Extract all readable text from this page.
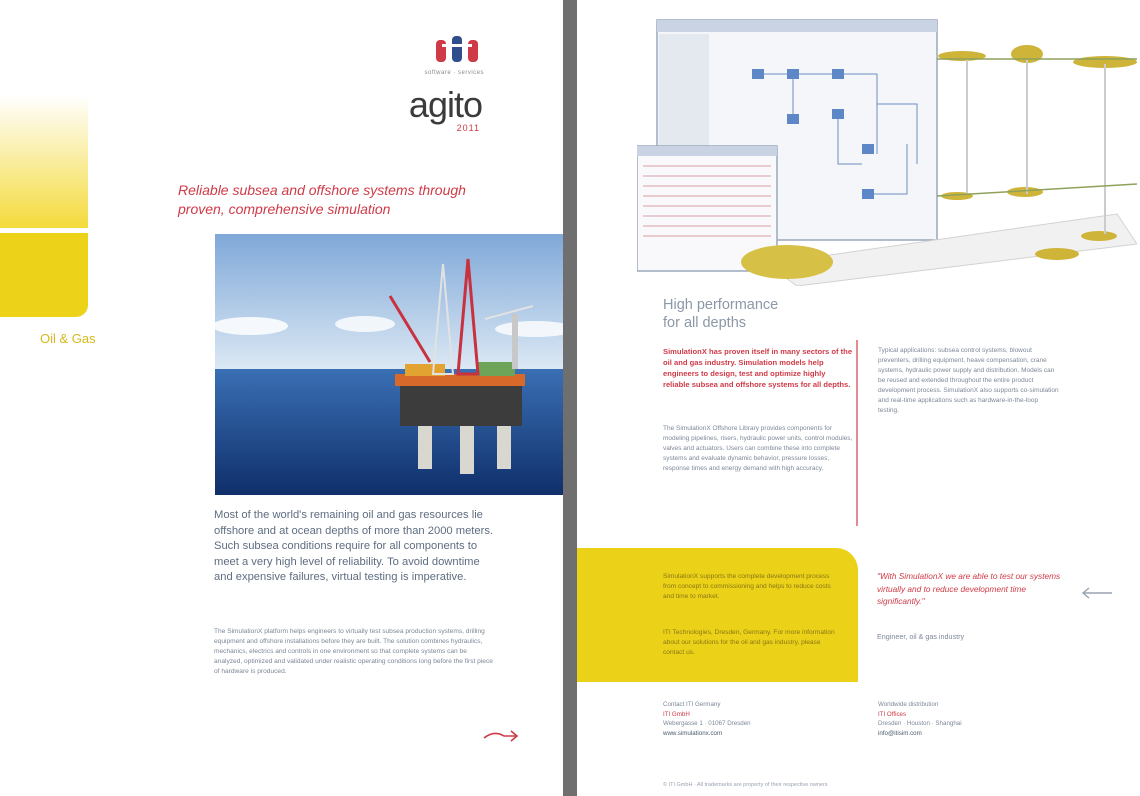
Oil & Gas
software · services
agito
2011
Reliable subsea and offshore systems through proven, comprehensive simulation
Most of the world's remaining oil and gas resources lie offshore and at ocean depths of more than 2000 meters. Such subsea conditions require for all components to meet a very high level of reliability. To avoid downtime and expensive failures, virtual testing is imperative.
The SimulationX platform helps engineers to virtually test subsea production systems, drilling equipment and offshore installations before they are built. The solution combines hydraulics, mechanics, electrics and controls in one environment so that complete systems can be analyzed, optimized and validated under realistic operating conditions long before the first piece of hardware is produced.
High performance
for all depths
SimulationX has proven itself in many sectors of the oil and gas industry. Simulation models help engineers to design, test and optimize highly reliable subsea and offshore systems for all depths.
The SimulationX Offshore Library provides components for modeling pipelines, risers, hydraulic power units, control modules, valves and actuators. Users can combine these into complete systems and evaluate dynamic behavior, pressure losses, response times and energy demand with high accuracy.
Typical applications: subsea control systems, blowout preventers, drilling equipment, heave compensation, crane systems, hydraulic power supply and distribution. Models can be reused and extended throughout the entire product development process. SimulationX also supports co-simulation and real-time applications such as hardware-in-the-loop testing.
SimulationX supports the complete development process from concept to commissioning and helps to reduce costs and time to market.
ITI Technologies, Dresden, Germany. For more information about our solutions for the oil and gas industry, please contact us.
"With SimulationX we are able to test our systems virtually and to reduce development time significantly."
Engineer, oil & gas industry
Contact ITI Germany
ITI GmbH
Webergasse 1 · 01067 Dresden
www.simulationx.com
Worldwide distribution
ITI Offices
Dresden · Houston · Shanghai
info@itisim.com
© ITI GmbH · All trademarks are property of their respective owners
